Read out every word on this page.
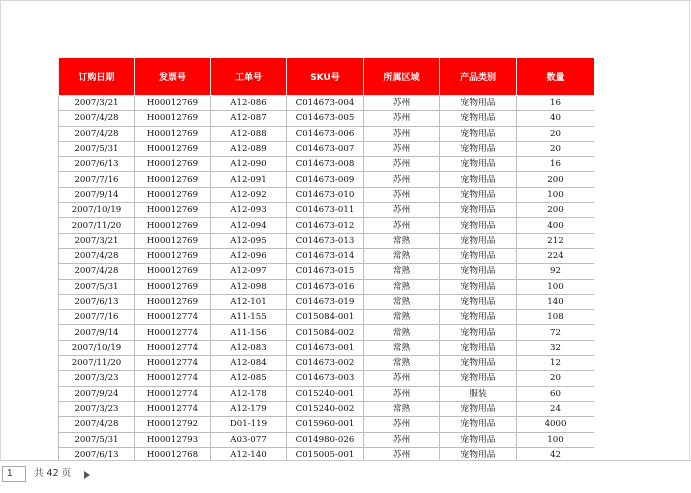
订购日期	发票号	工单号	SKU号	所属区域	产品类别	数量
2007/3/21	H00012769	A12-086	C014673-004	苏州	宠物用品	16
2007/4/28	H00012769	A12-087	C014673-005	苏州	宠物用品	40
2007/4/28	H00012769	A12-088	C014673-006	苏州	宠物用品	20
2007/5/31	H00012769	A12-089	C014673-007	苏州	宠物用品	20
2007/6/13	H00012769	A12-090	C014673-008	苏州	宠物用品	16
2007/7/16	H00012769	A12-091	C014673-009	苏州	宠物用品	200
2007/9/14	H00012769	A12-092	C014673-010	苏州	宠物用品	100
2007/10/19	H00012769	A12-093	C014673-011	苏州	宠物用品	200
2007/11/20	H00012769	A12-094	C014673-012	苏州	宠物用品	400
2007/3/21	H00012769	A12-095	C014673-013	常熟	宠物用品	212
2007/4/28	H00012769	A12-096	C014673-014	常熟	宠物用品	224
2007/4/28	H00012769	A12-097	C014673-015	常熟	宠物用品	92
2007/5/31	H00012769	A12-098	C014673-016	常熟	宠物用品	100
2007/6/13	H00012769	A12-101	C014673-019	常熟	宠物用品	140
2007/7/16	H00012774	A11-155	C015084-001	常熟	宠物用品	108
2007/9/14	H00012774	A11-156	C015084-002	常熟	宠物用品	72
2007/10/19	H00012774	A12-083	C014673-001	常熟	宠物用品	32
2007/11/20	H00012774	A12-084	C014673-002	常熟	宠物用品	12
2007/3/23	H00012774	A12-085	C014673-003	苏州	宠物用品	20
2007/9/24	H00012774	A12-178	C015240-001	苏州	服装	60
2007/3/23	H00012774	A12-179	C015240-002	常熟	宠物用品	24
2007/4/28	H00012792	D01-119	C015960-001	苏州	宠物用品	4000
2007/5/31	H00012793	A03-077	C014980-026	苏州	宠物用品	100
2007/6/13	H00012768	A12-140	C015005-001	苏州	宠物用品	42
1	共 42 页
